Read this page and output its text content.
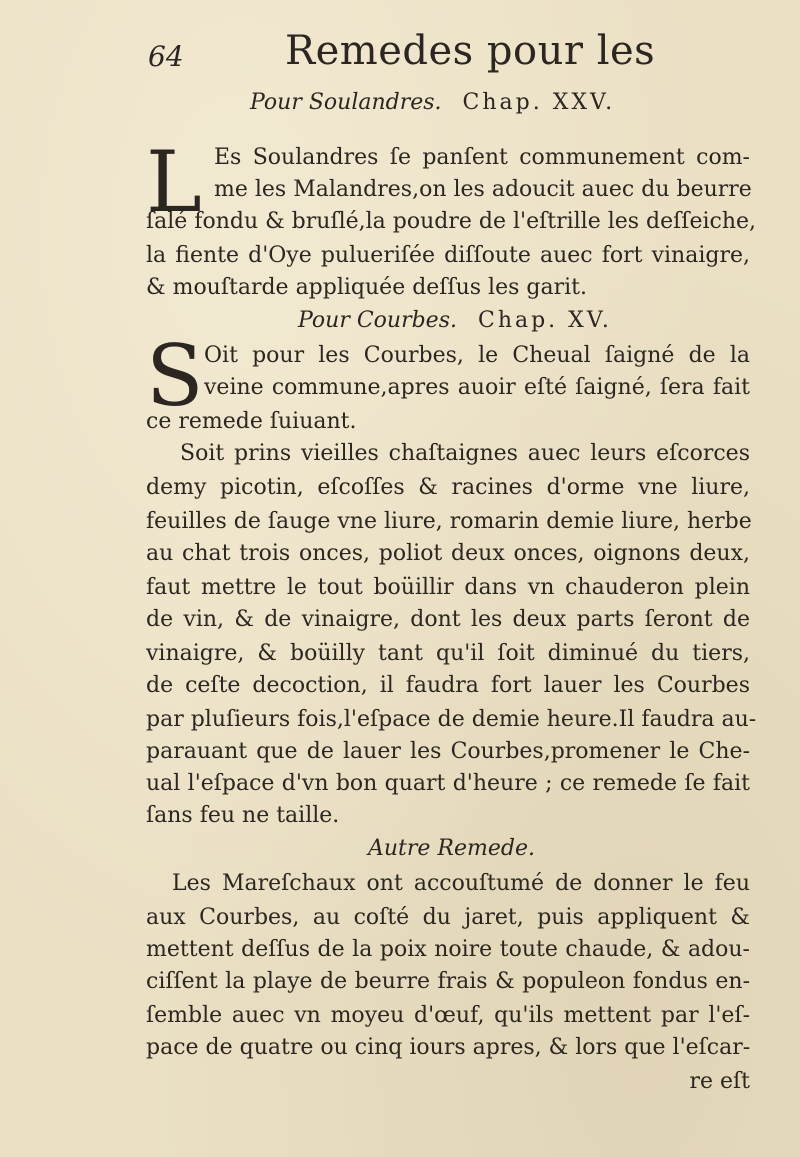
64	Remedes pour les
Pour Soulandres. Chap. XXV.
L Es Soulandres ſe panſent communement com-
me les Malandres,on les adoucit auec du beurre
ſalé fondu & bruſlé,la poudre de l'eſtrille les deſſeiche,
la fiente d'Oye pulueriſée diſſoute auec fort vinaigre,
& mouſtarde appliquée deſſus les garit.
Pour Courbes. Chap. XV.
S Oit pour les Courbes, le Cheual ſaigné de la
veine commune,apres auoir eſté ſaigné, ſera fait
ce remede ſuiuant.
Soit prins vieilles chaſtaignes auec leurs eſcorces
demy picotin, eſcoſſes & racines d'orme vne liure,
feuilles de ſauge vne liure, romarin demie liure, herbe
au chat trois onces, poliot deux onces, oignons deux,
faut mettre le tout boüillir dans vn chauderon plein
de vin, & de vinaigre, dont les deux parts ſeront de
vinaigre, & boüilly tant qu'il ſoit diminué du tiers,
de ceſte decoction, il faudra fort lauer les Courbes
par pluſieurs fois,l'eſpace de demie heure.Il faudra au-
parauant que de lauer les Courbes,promener le Che-
ual l'eſpace d'vn bon quart d'heure ; ce remede ſe fait
ſans feu ne taille.
Autre Remede.
Les Mareſchaux ont accouſtumé de donner le feu
aux Courbes, au coſté du jaret, puis appliquent &
mettent deſſus de la poix noire toute chaude, & adou-
ciſſent la playe de beurre frais & populeon fondus en-
ſemble auec vn moyeu d'œuf, qu'ils mettent par l'eſ-
pace de quatre ou cinq iours apres, & lors que l'eſcar-
re eſt
